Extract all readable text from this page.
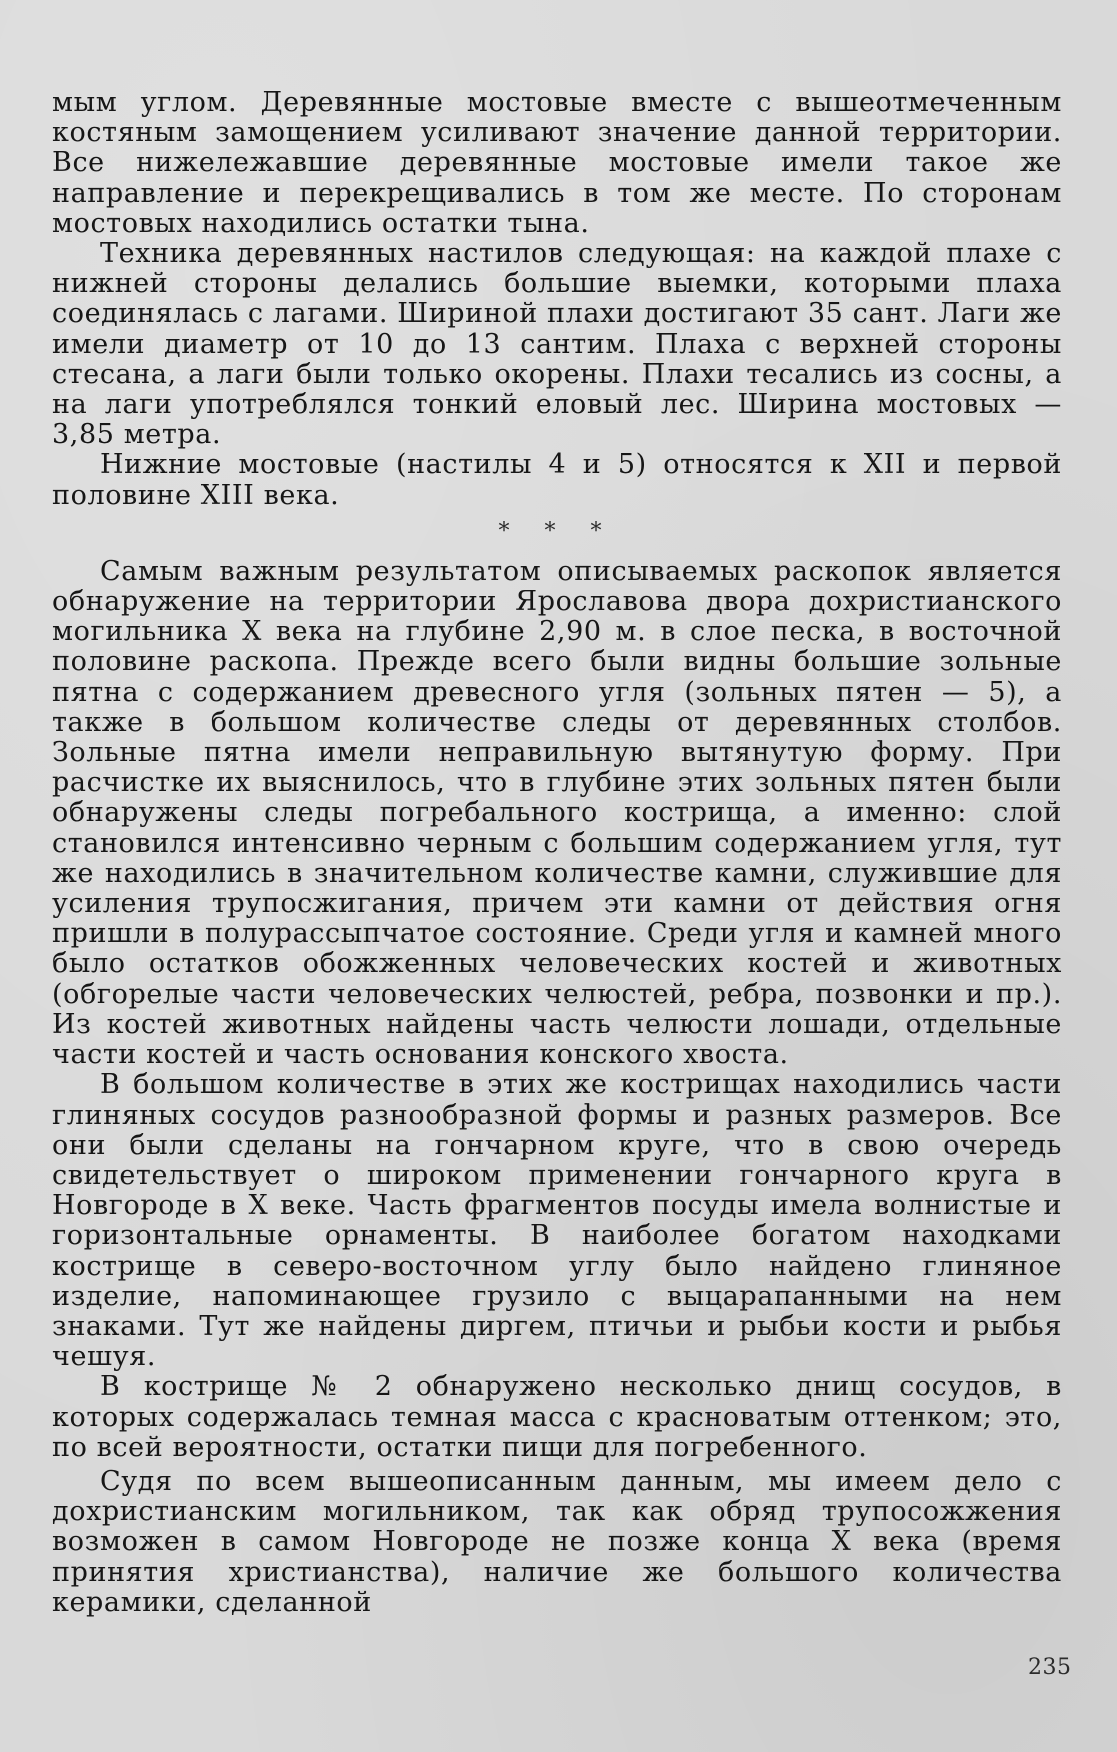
мым углом. Деревянные мостовые вместе с вышеотмеченным костяным замощением усиливают значение данной территории. Все нижележавшие деревянные мостовые имели такое же направление и перекрещивались в том же месте. По сторонам мостовых находились остатки тына.

Техника деревянных настилов следующая: на каждой плахе с нижней стороны делались большие выемки, которыми плаха соединялась с лагами. Шириной плахи достигают 35 сант. Лаги же имели диаметр от 10 до 13 сантим. Плаха с верхней стороны стесана, а лаги были только окорены. Плахи тесались из сосны, а на лаги употреблялся тонкий еловый лес. Ширина мостовых — 3,85 метра.

Нижние мостовые (настилы 4 и 5) относятся к XII и первой половине XIII века.

* * *

Самым важным результатом описываемых раскопок является обнаружение на территории Ярославова двора дохристианского могильника X века на глубине 2,90 м. в слое песка, в восточной половине раскопа. Прежде всего были видны большие зольные пятна с содержанием древесного угля (зольных пятен — 5), а также в большом количестве следы от деревянных столбов. Зольные пятна имели неправильную вытянутую форму. При расчистке их выяснилось, что в глубине этих зольных пятен были обнаружены следы погребального кострища, а именно: слой становился интенсивно черным с большим содержанием угля, тут же находились в значительном количестве камни, служившие для усиления трупосжигания, причем эти камни от действия огня пришли в полурассыпчатое состояние. Среди угля и камней много было остатков обожженных человеческих костей и животных (обгорелые части человеческих челюстей, ребра, позвонки и пр.). Из костей животных найдены часть челюсти лошади, отдельные части костей и часть основания конского хвоста.

В большом количестве в этих же кострищах находились части глиняных сосудов разнообразной формы и разных размеров. Все они были сделаны на гончарном круге, что в свою очередь свидетельствует о широком применении гончарного круга в Новгороде в X веке. Часть фрагментов посуды имела волнистые и горизонтальные орнаменты. В наиболее богатом находками кострище в северо-восточном углу было найдено глиняное изделие, напоминающее грузило с выцарапанными на нем знаками. Тут же найдены диргем, птичьи и рыбьи кости и рыбья чешуя.

В кострище № 2 обнаружено несколько днищ сосудов, в которых содержалась темная масса с красноватым оттенком; это, по всей вероятности, остатки пищи для погребенного.

Судя по всем вышеописанным данным, мы имеем дело с дохристианским могильником, так как обряд трупосожжения возможен в самом Новгороде не позже конца X века (время принятия христианства), наличие же большого количества керамики, сделанной

235
